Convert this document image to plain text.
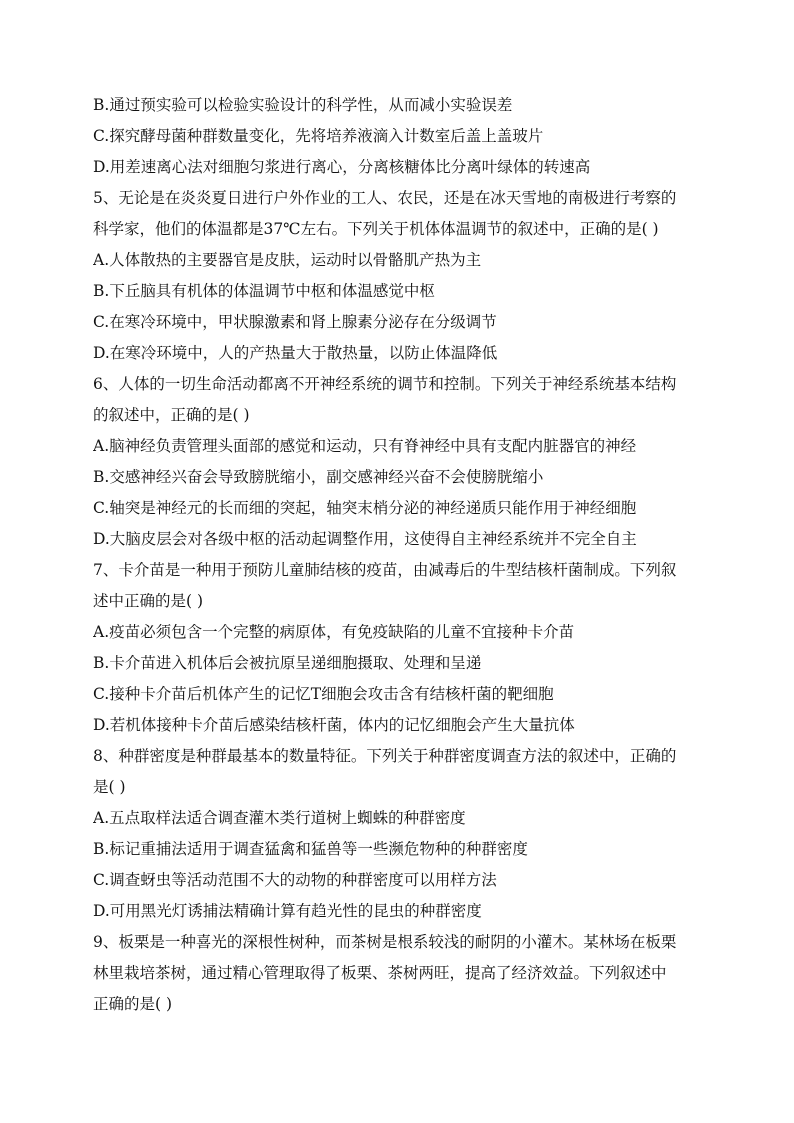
B.通过预实验可以检验实验设计的科学性，从而减小实验误差
C.探究酵母菌种群数量变化，先将培养液滴入计数室后盖上盖玻片
D.用差速离心法对细胞匀浆进行离心，分离核糖体比分离叶绿体的转速高
5、无论是在炎炎夏日进行户外作业的工人、农民，还是在冰天雪地的南极进行考察的
科学家，他们的体温都是37℃左右。下列关于机体体温调节的叙述中，正确的是( )
A.人体散热的主要器官是皮肤，运动时以骨骼肌产热为主
B.下丘脑具有机体的体温调节中枢和体温感觉中枢
C.在寒冷环境中，甲状腺激素和肾上腺素分泌存在分级调节
D.在寒冷环境中，人的产热量大于散热量，以防止体温降低
6、人体的一切生命活动都离不开神经系统的调节和控制。下列关于神经系统基本结构
的叙述中，正确的是( )
A.脑神经负责管理头面部的感觉和运动，只有脊神经中具有支配内脏器官的神经
B.交感神经兴奋会导致膀胱缩小，副交感神经兴奋不会使膀胱缩小
C.轴突是神经元的长而细的突起，轴突末梢分泌的神经递质只能作用于神经细胞
D.大脑皮层会对各级中枢的活动起调整作用，这使得自主神经系统并不完全自主
7、卡介苗是一种用于预防儿童肺结核的疫苗，由减毒后的牛型结核杆菌制成。下列叙
述中正确的是( )
A.疫苗必须包含一个完整的病原体，有免疫缺陷的儿童不宜接种卡介苗
B.卡介苗进入机体后会被抗原呈递细胞摄取、处理和呈递
C.接种卡介苗后机体产生的记忆T细胞会攻击含有结核杆菌的靶细胞
D.若机体接种卡介苗后感染结核杆菌，体内的记忆细胞会产生大量抗体
8、种群密度是种群最基本的数量特征。下列关于种群密度调查方法的叙述中，正确的
是( )
A.五点取样法适合调查灌木类行道树上蜘蛛的种群密度
B.标记重捕法适用于调查猛禽和猛兽等一些濒危物种的种群密度
C.调查蚜虫等活动范围不大的动物的种群密度可以用样方法
D.可用黑光灯诱捕法精确计算有趋光性的昆虫的种群密度
9、板栗是一种喜光的深根性树种，而茶树是根系较浅的耐阴的小灌木。某林场在板栗
林里栽培茶树，通过精心管理取得了板栗、茶树两旺，提高了经济效益。下列叙述中
正确的是( )
